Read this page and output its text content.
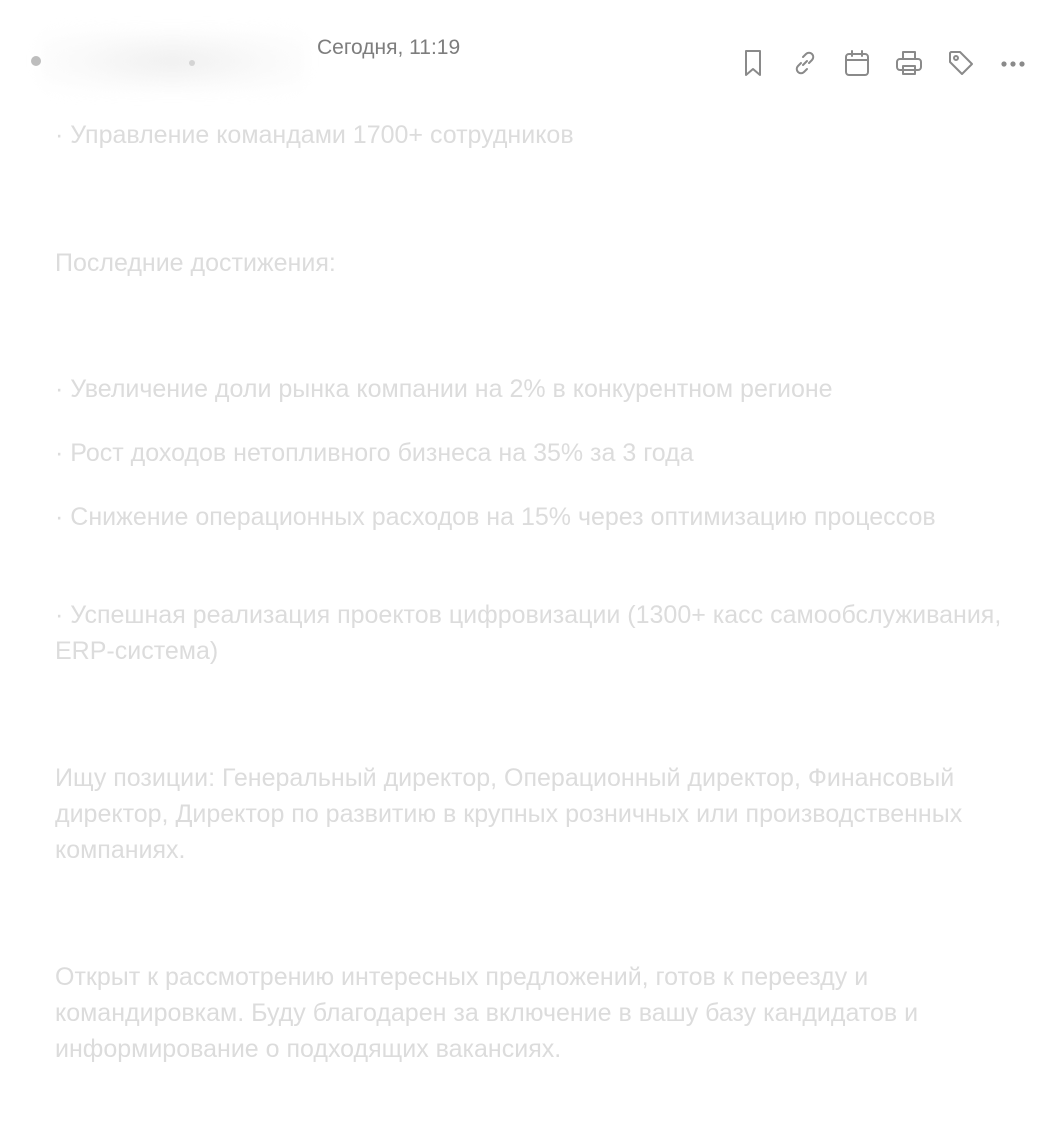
Сегодня, 11:19

· Управление командами 1700+ сотрудников

Последние достижения:

· Увеличение доли рынка компании на 2% в конкурентном регионе

· Рост доходов нетопливного бизнеса на 35% за 3 года

· Снижение операционных расходов на 15% через оптимизацию процессов

· Успешная реализация проектов цифровизации (1300+ касс самообслуживания, ERP-система)

Ищу позиции: Генеральный директор, Операционный директор, Финансовый директор, Директор по развитию в крупных розничных или производственных компаниях.

Открыт к рассмотрению интересных предложений, готов к переезду и командировкам. Буду благодарен за включение в вашу базу кандидатов и информирование о подходящих вакансиях.
